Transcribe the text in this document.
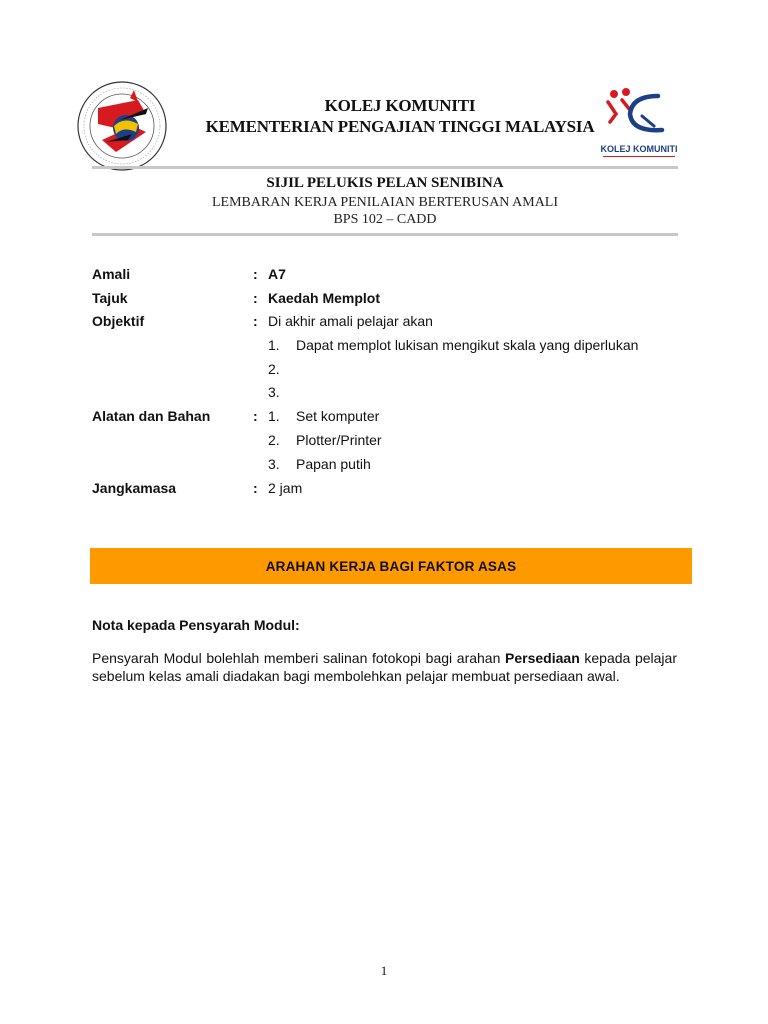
KOLEJ KOMUNITI
KEMENTERIAN PENGAJIAN TINGGI MALAYSIA
KOLEJ KOMUNITI
SIJIL PELUKIS PELAN SENIBINA
LEMBARAN KERJA PENILAIAN BERTERUSAN AMALI
BPS 102 – CADD
Amali	: A7
Tajuk	: Kaedah Memplot
Objektif	: Di akhir amali pelajar akan
1. Dapat memplot lukisan mengikut skala yang diperlukan
2.
3.
Alatan dan Bahan	: 1. Set komputer
2. Plotter/Printer
3. Papan putih
Jangkamasa	: 2 jam
ARAHAN KERJA BAGI FAKTOR ASAS
Nota kepada Pensyarah Modul:
Pensyarah Modul bolehlah memberi salinan fotokopi bagi arahan Persediaan kepada pelajar sebelum kelas amali diadakan bagi membolehkan pelajar membuat persediaan awal.
1
